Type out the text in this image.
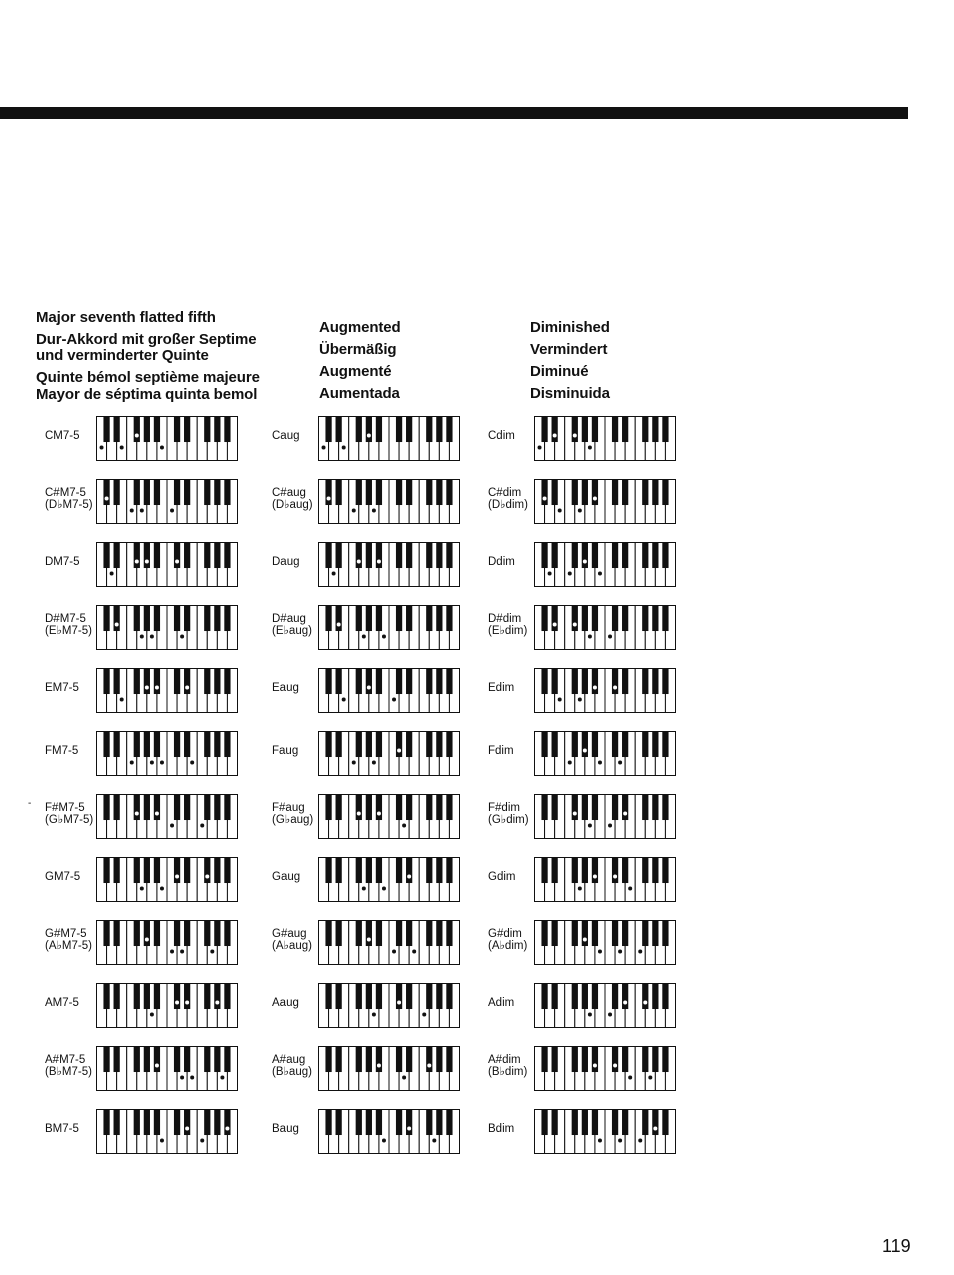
-
CM7-5
C#M7-5
(D♭M7-5)
DM7-5
D#M7-5
(E♭M7-5)
EM7-5
FM7-5
F#M7-5
(G♭M7-5)
GM7-5
G#M7-5
(A♭M7-5)
AM7-5
A#M7-5
(B♭M7-5)
BM7-5
Caug
C#aug
(D♭aug)
Daug
D#aug
(E♭aug)
Eaug
Faug
F#aug
(G♭aug)
Gaug
G#aug
(A♭aug)
Aaug
A#aug
(B♭aug)
Baug
Cdim
C#dim
(D♭dim)
Ddim
D#dim
(E♭dim)
Edim
Fdim
F#dim
(G♭dim)
Gdim
G#dim
(A♭dim)
Adim
A#dim
(B♭dim)
Bdim
119
Major seventh flatted fifth
Dur-Akkord mit großer Septime
und verminderter Quinte
Quinte bémol septième majeure
Mayor de séptima quinta bemol
Augmented
Übermäßig
Augmenté
Aumentada
Diminished
Vermindert
Diminué
Disminuida
